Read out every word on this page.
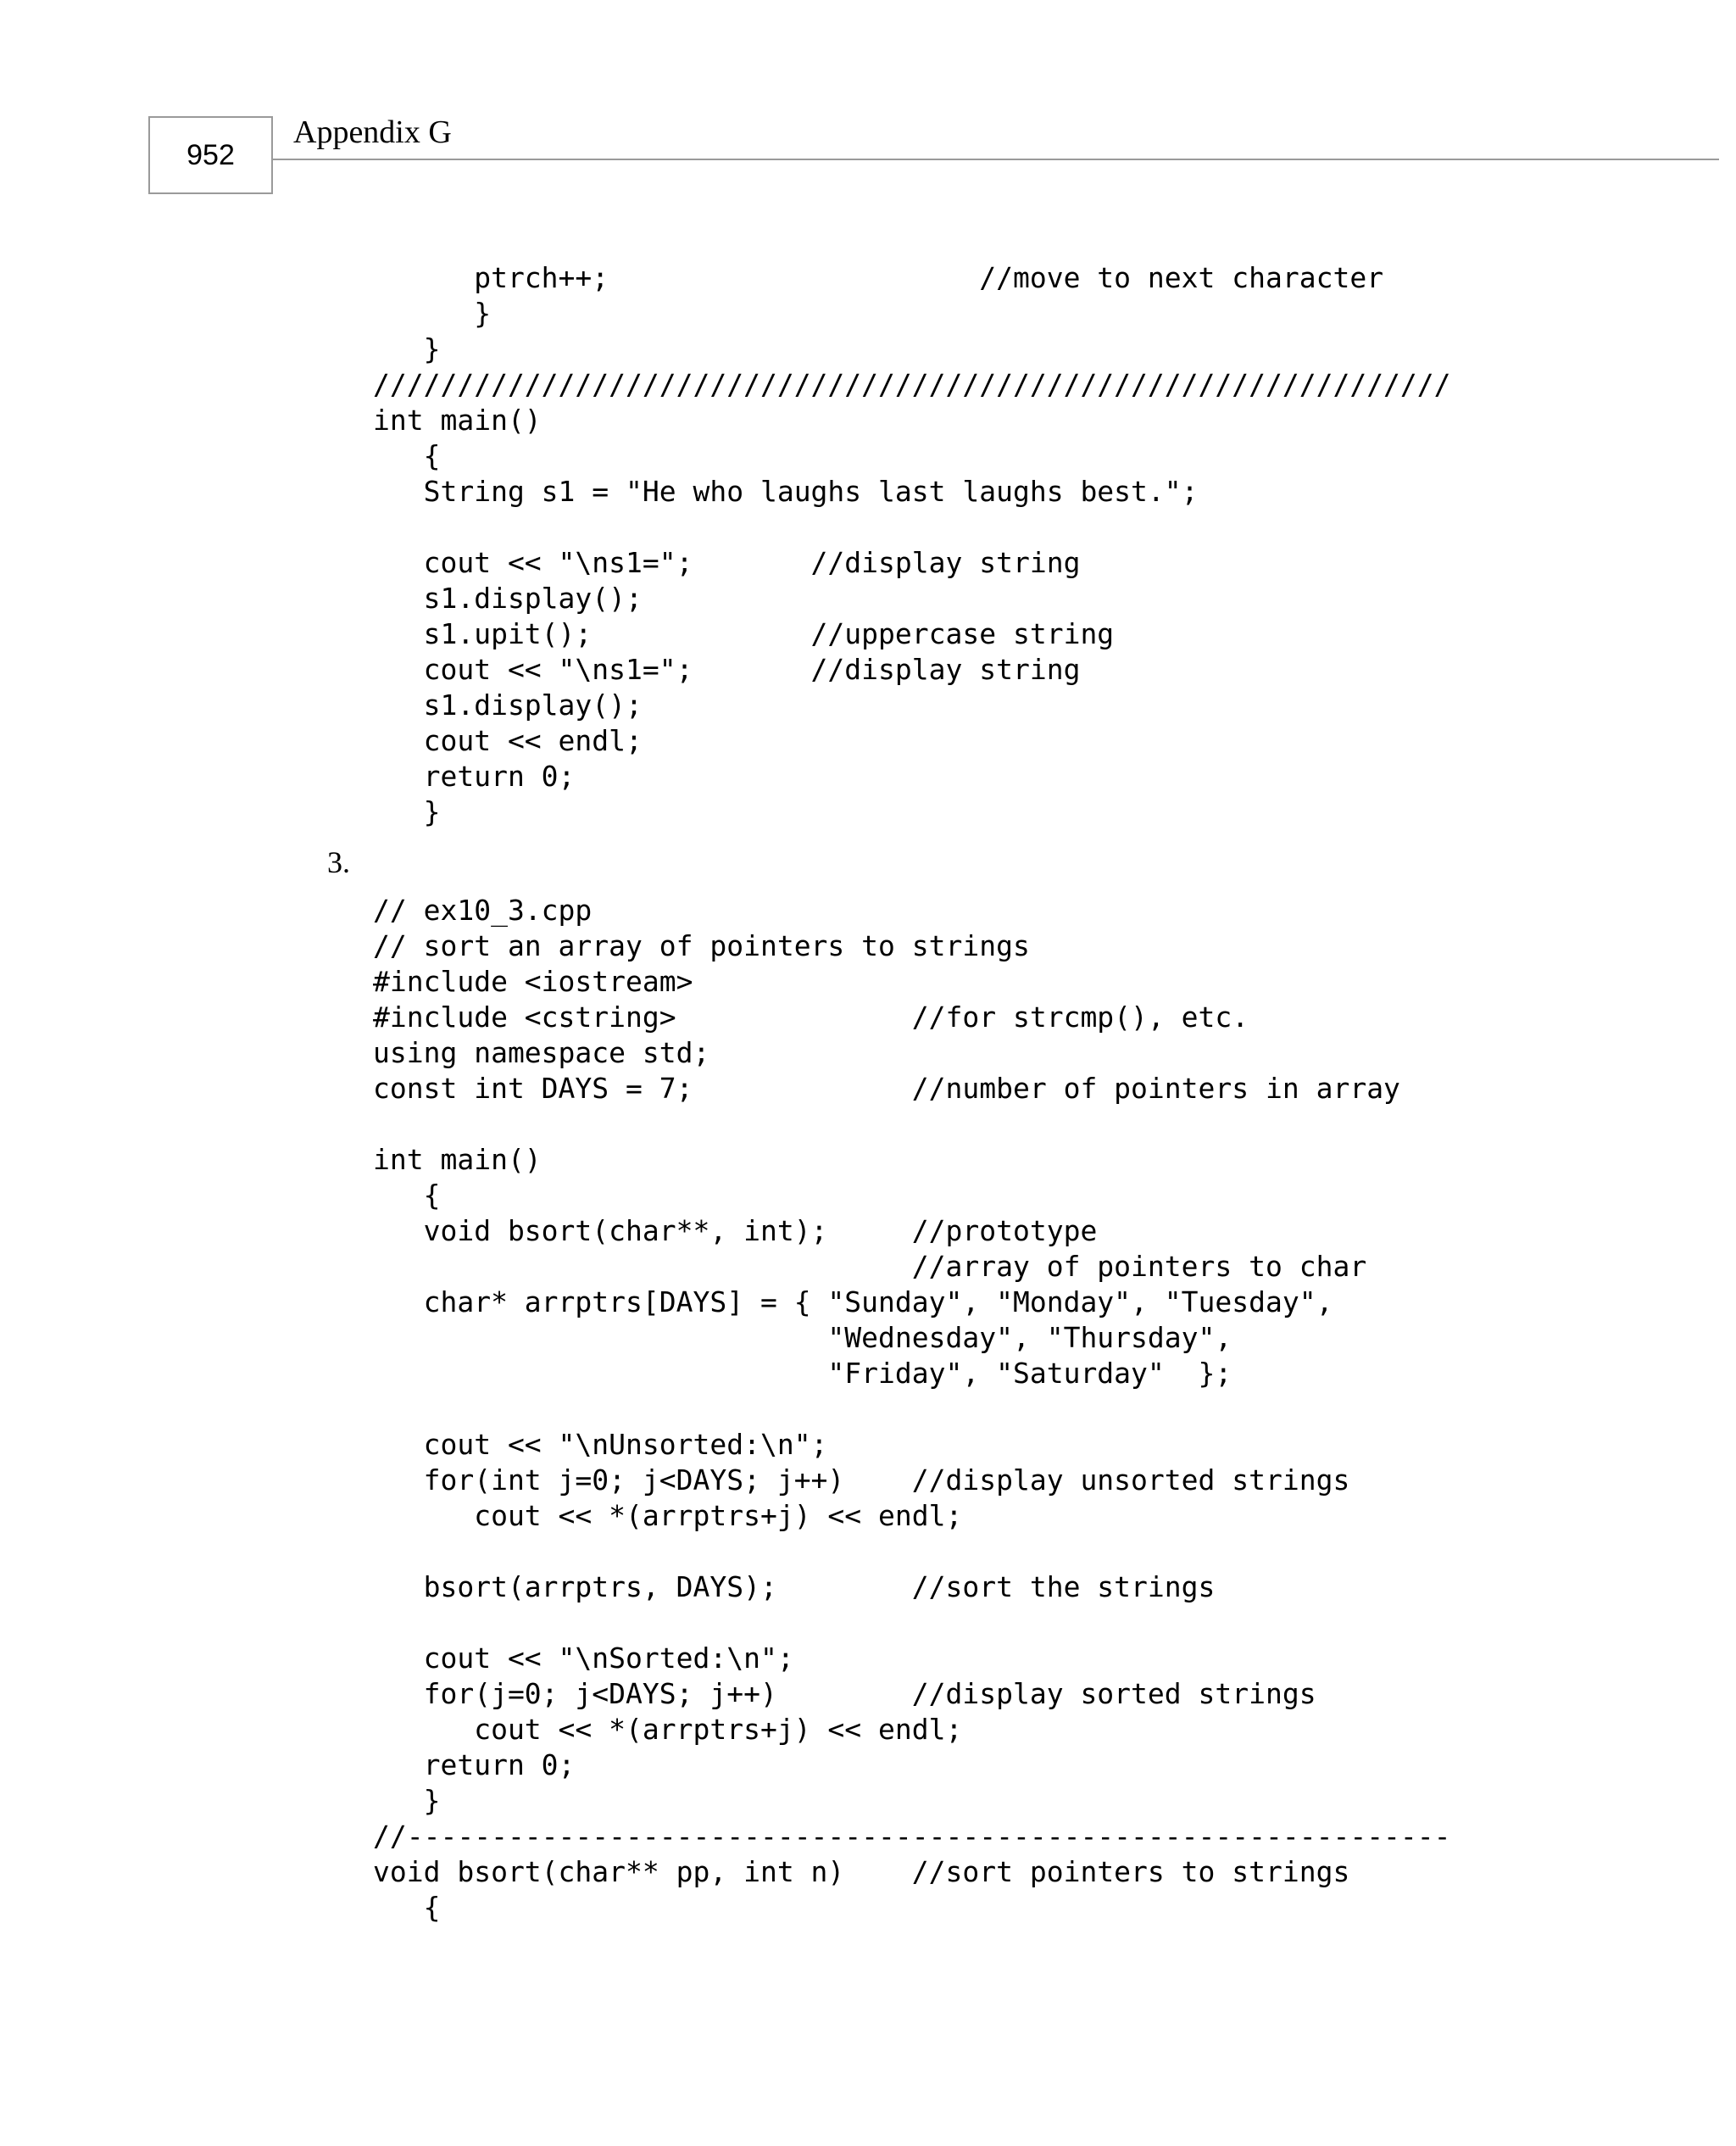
952
Appendix G
ptrch++;                      //move to next character
}
}
////////////////////////////////////////////////////////////////
int main()
{
String s1 = "He who laughs last laughs best.";

cout << "\ns1=";       //display string
s1.display();
s1.upit();             //uppercase string
cout << "\ns1=";       //display string
s1.display();
cout << endl;
return 0;
}
3.
// ex10_3.cpp
// sort an array of pointers to strings
#include <iostream>
#include <cstring>              //for strcmp(), etc.
using namespace std;
const int DAYS = 7;             //number of pointers in array

int main()
{
void bsort(char**, int);     //prototype
//array of pointers to char
char* arrptrs[DAYS] = { "Sunday", "Monday", "Tuesday",
"Wednesday", "Thursday",
"Friday", "Saturday"  };

cout << "\nUnsorted:\n";
for(int j=0; j<DAYS; j++)    //display unsorted strings
cout << *(arrptrs+j) << endl;

bsort(arrptrs, DAYS);        //sort the strings

cout << "\nSorted:\n";
for(j=0; j<DAYS; j++)        //display sorted strings
cout << *(arrptrs+j) << endl;
return 0;
}
//--------------------------------------------------------------
void bsort(char** pp, int n)    //sort pointers to strings
{
